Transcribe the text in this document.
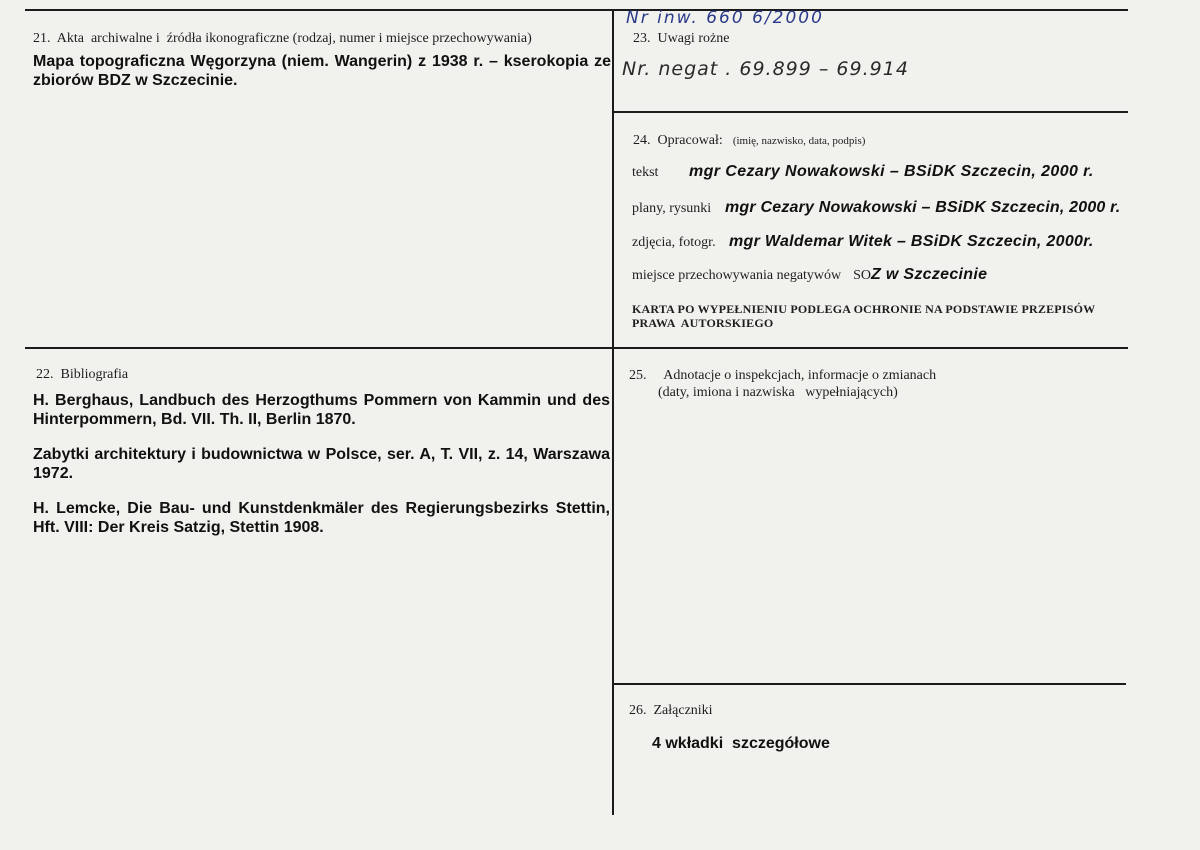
21.  Akta  archiwalne i  źródła ikonograficzne (rodzaj, numer i miejsce przechowywania)
Mapa topograficzna Węgorzyna (niem. Wangerin) z 1938 r. – kserokopia ze zbiorów BDZ w Szczecinie.
Nr inw. 660 6/2000
23.  Uwagi rożne
Nr. negat . 69.899 – 69.914
24.  Opracował: (imię, nazwisko, data, podpis)
tekst mgr Cezary Nowakowski – BSiDK Szczecin, 2000 r.
plany, rysunki mgr Cezary Nowakowski – BSiDK Szczecin, 2000 r.
zdjęcia, fotogr. mgr Waldemar Witek – BSiDK Szczecin, 2000r.
miejsce przechowywania negatywów SOZ w Szczecinie
KARTA PO WYPEŁNIENIU PODLEGA OCHRONIE NA PODSTAWIE PRZEPISÓW
PRAWA  AUTORSKIEGO
22.  Bibliografia
H. Berghaus, Landbuch des Herzogthums Pommern von Kammin und des Hinterpommern, Bd. VII. Th. II, Berlin 1870.
Zabytki architektury i budownictwa w Polsce, ser. A, T. VII, z. 14, Warszawa 1972.
H. Lemcke, Die Bau- und Kunstdenkmäler des Regierungsbezirks Stettin, Hft. VIII: Der Kreis Satzig, Stettin 1908.
25.     Adnotacje o inspekcjach, informacje o zmianach
(daty, imiona i nazwiska   wypełniających)
26.  Załączniki
4 wkładki  szczegółowe
